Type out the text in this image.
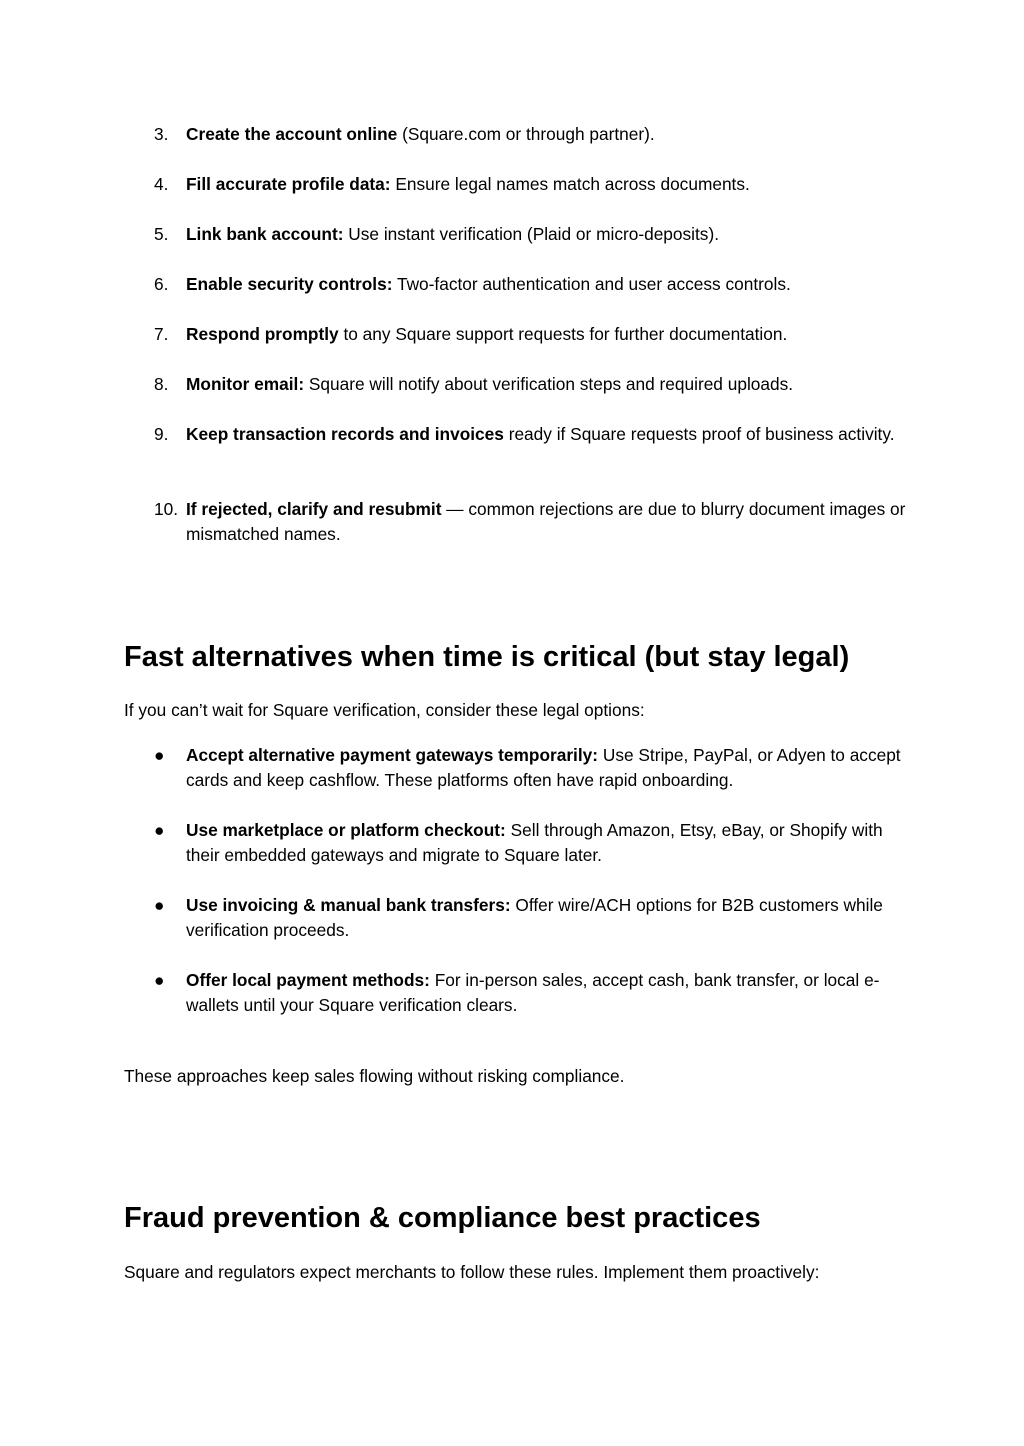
3.	Create the account online (Square.com or through partner).
4.	Fill accurate profile data: Ensure legal names match across documents.
5.	Link bank account: Use instant verification (Plaid or micro-deposits).
6.	Enable security controls: Two-factor authentication and user access controls.
7.	Respond promptly to any Square support requests for further documentation.
8.	Monitor email: Square will notify about verification steps and required uploads.
9.	Keep transaction records and invoices ready if Square requests proof of business activity.
10. If rejected, clarify and resubmit — common rejections are due to blurry document images or mismatched names.
Fast alternatives when time is critical (but stay legal)
If you can’t wait for Square verification, consider these legal options:
● Accept alternative payment gateways temporarily: Use Stripe, PayPal, or Adyen to accept cards and keep cashflow. These platforms often have rapid onboarding.
● Use marketplace or platform checkout: Sell through Amazon, Etsy, eBay, or Shopify with their embedded gateways and migrate to Square later.
● Use invoicing & manual bank transfers: Offer wire/ACH options for B2B customers while verification proceeds.
● Offer local payment methods: For in-person sales, accept cash, bank transfer, or local e-wallets until your Square verification clears.
These approaches keep sales flowing without risking compliance.
Fraud prevention & compliance best practices
Square and regulators expect merchants to follow these rules. Implement them proactively:
